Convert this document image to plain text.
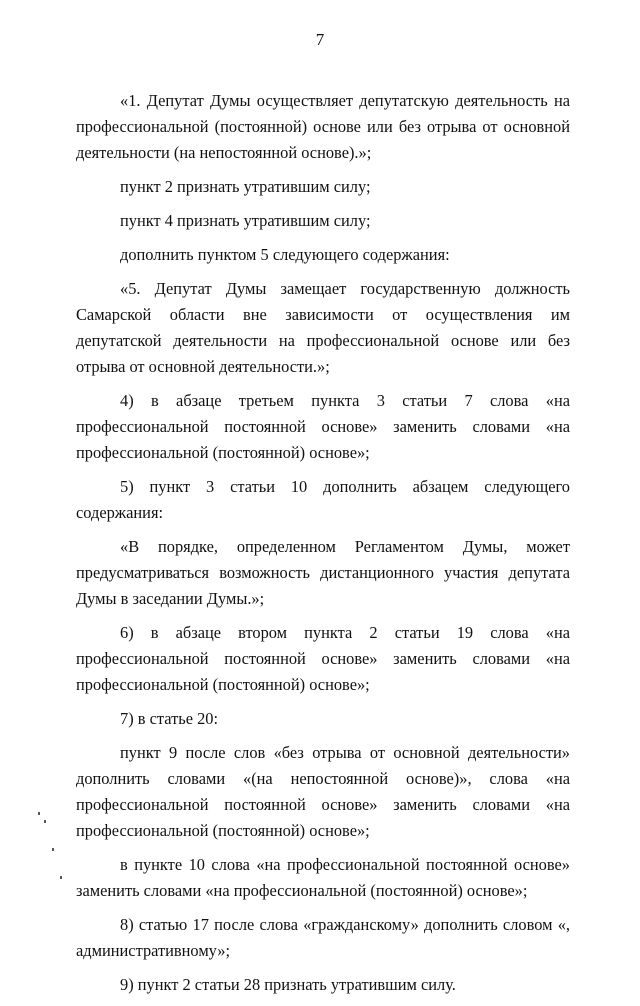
7

«1. Депутат Думы осуществляет депутатскую деятельность на профессиональной (постоянной) основе или без отрыва от основной деятельности (на непостоянной основе).»;

пункт 2 признать утратившим силу;

пункт 4 признать утратившим силу;

дополнить пунктом 5 следующего содержания:

«5. Депутат Думы замещает государственную должность Самарской области вне зависимости от осуществления им депутатской деятельности на профессиональной основе или без отрыва от основной деятельности.»;

4) в абзаце третьем пункта 3 статьи 7 слова «на профессиональной постоянной основе» заменить словами «на профессиональной (постоянной) основе»;

5) пункт 3 статьи 10 дополнить абзацем следующего содержания:

«В порядке, определенном Регламентом Думы, может предусматриваться возможность дистанционного участия депутата Думы в заседании Думы.»;

6) в абзаце втором пункта 2 статьи 19 слова «на профессиональной постоянной основе» заменить словами «на профессиональной (постоянной) основе»;

7) в статье 20:

пункт 9 после слов «без отрыва от основной деятельности» дополнить словами «(на непостоянной основе)», слова «на профессиональной постоянной основе» заменить словами «на профессиональной (постоянной) основе»;

в пункте 10 слова «на профессиональной постоянной основе» заменить словами «на профессиональной (постоянной) основе»;

8) статью 17 после слова «гражданскому» дополнить словом «, административному»;

9) пункт 2 статьи 28 признать утратившим силу.
